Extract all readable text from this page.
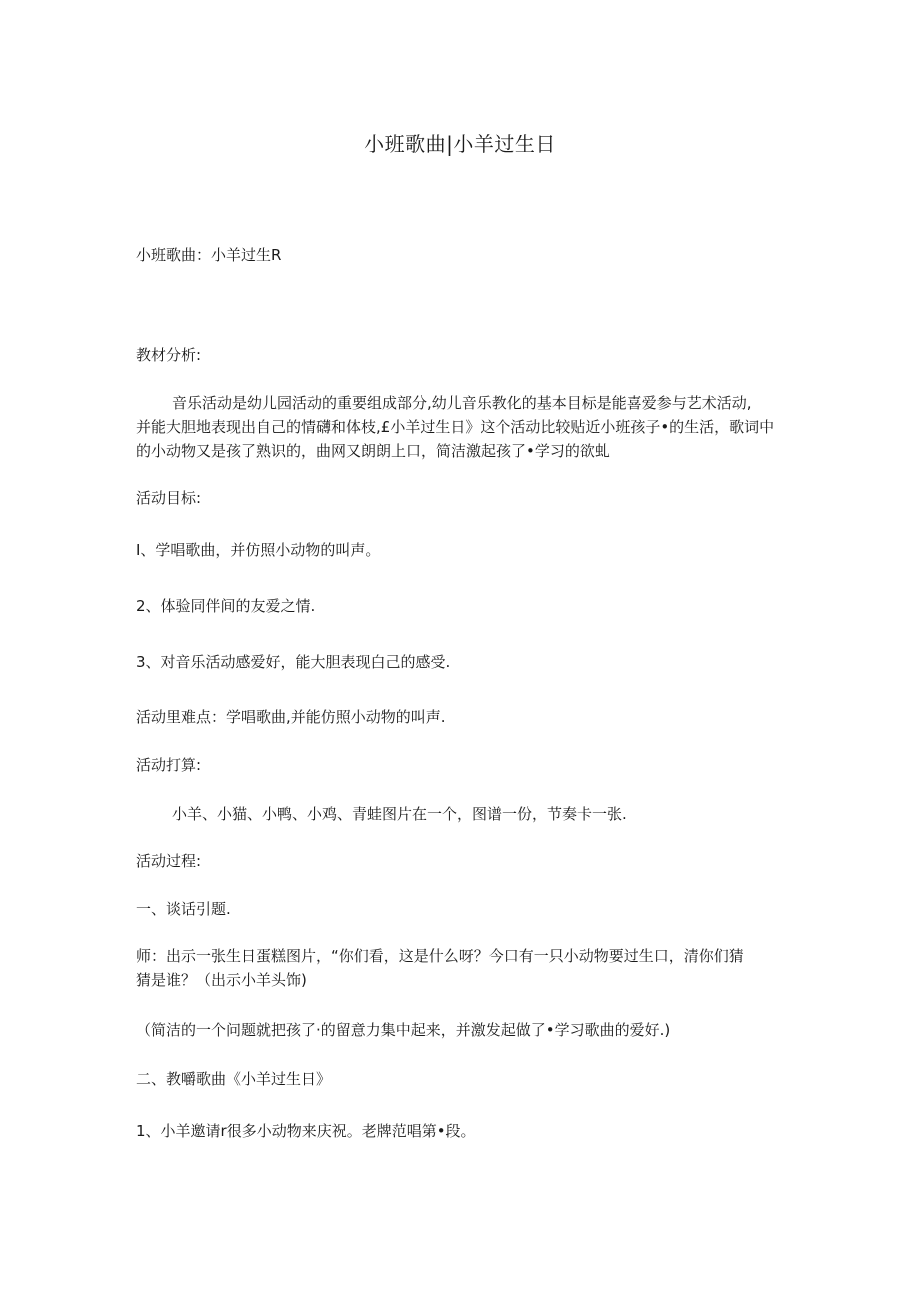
小班歌曲|小羊过生日
小班歌曲：小羊过生R
教材分析:
音乐活动是幼儿园活动的重要组成部分,幼儿音乐教化的基本目标是能喜爱参与艺术活动,
并能大胆地表现出自己的情礴和体枝,£小羊过生日》这个活动比较贴近小班孩子•的生活，歌词中
的小动物又是孩了熟识的，曲网又朗朗上口，简洁激起孩了•学习的欲虬
活动目标:
I、学唱歌曲，并仿照小动物的叫声。
2、体验同伴间的友爱之情.
3、对音乐活动感爱好，能大胆表现白己的感受.
活动里难点：学唱歌曲,并能仿照小动物的叫声.
活动打算:
小羊、小猫、小鸭、小鸡、青蛙图片在一个，图谱一份，节奏卡一张.
活动过程:
一、谈话引题.
师：出示一张生日蛋糕图片，“你们看，这是什么呀？今口有一只小动物要过生口，清你们猜
猜是谁？（出示小羊头饰)
（简洁的一个问题就把孩了·的留意力集中起来，并激发起做了•学习歌曲的爱好.)
二、教嚼歌曲《小羊过生日》
1、小羊邀请r很多小动物来庆祝。老牌范唱第•段。
